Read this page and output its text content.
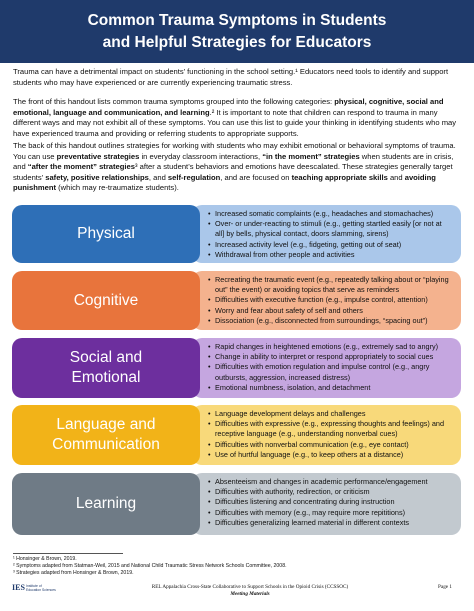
Common Trauma Symptoms in Students
and Helpful Strategies for Educators
Trauma can have a detrimental impact on students’ functioning in the school setting.¹ Educators need tools to identify and support students who may have experienced or are currently experiencing traumatic stress.
The front of this handout lists common trauma symptoms grouped into the following categories: physical, cognitive, social and emotional, language and communication, and learning.² It is important to note that children can respond to trauma in many different ways and may not exhibit all of these symptoms. You can use this list to guide your thinking in identifying students who may have experienced trauma and providing or referring students to appropriate supports.
The back of this handout outlines strategies for working with students who may exhibit emotional or behavioral symptoms of trauma. You can use preventative strategies in everyday classroom interactions, “in the moment” strategies when students are in crisis, and “after the moment” strategies³ after a student’s behaviors and emotions have deescalated. These strategies generally target students’ safety, positive relationships, and self-regulation, and are focused on teaching appropriate skills and avoiding punishment (which may re-traumatize students).
Physical
• Increased somatic complaints (e.g., headaches and stomachaches)
• Over- or under-reacting to stimuli (e.g., getting startled easily [or not at all] by bells, physical contact, doors slamming, sirens)
• Increased activity level (e.g., fidgeting, getting out of seat)
• Withdrawal from other people and activities
Cognitive
• Recreating the traumatic event (e.g., repeatedly talking about or “playing out” the event) or avoiding topics that serve as reminders
• Difficulties with executive function (e.g., impulse control, attention)
• Worry and fear about safety of self and others
• Dissociation (e.g., disconnected from surroundings, “spacing out”)
Social and
Emotional
• Rapid changes in heightened emotions (e.g., extremely sad to angry)
• Change in ability to interpret or respond appropriately to social cues
• Difficulties with emotion regulation and impulse control (e.g., angry outbursts, aggression, increased distress)
• Emotional numbness, isolation, and detachment
Language and
Communication
• Language development delays and challenges
• Difficulties with expressive (e.g., expressing thoughts and feelings) and receptive language (e.g., understanding nonverbal cues)
• Difficulties with nonverbal communication (e.g., eye contact)
• Use of hurtful language (e.g., to keep others at a distance)
Learning
• Absenteeism and changes in academic performance/engagement
• Difficulties with authority, redirection, or criticism
• Difficulties listening and concentrating during instruction
• Difficulties with memory (e.g., may require more repititions)
• Difficulties generalizing learned material in different contexts
¹ Honsinger & Brown, 2019.
² Symptoms adapted from Statman-Weil, 2015 and National Child Traumatic Stress Network Schools Committee, 2008.
³ Strategies adapted from Honsinger & Brown, 2019.
IES Institute of
Education Sciences	REL Appalachia Cross-State Collaborative to Support Schools in the Opioid Crisis (CCSSOC)
Meeting Materials
Page 1
